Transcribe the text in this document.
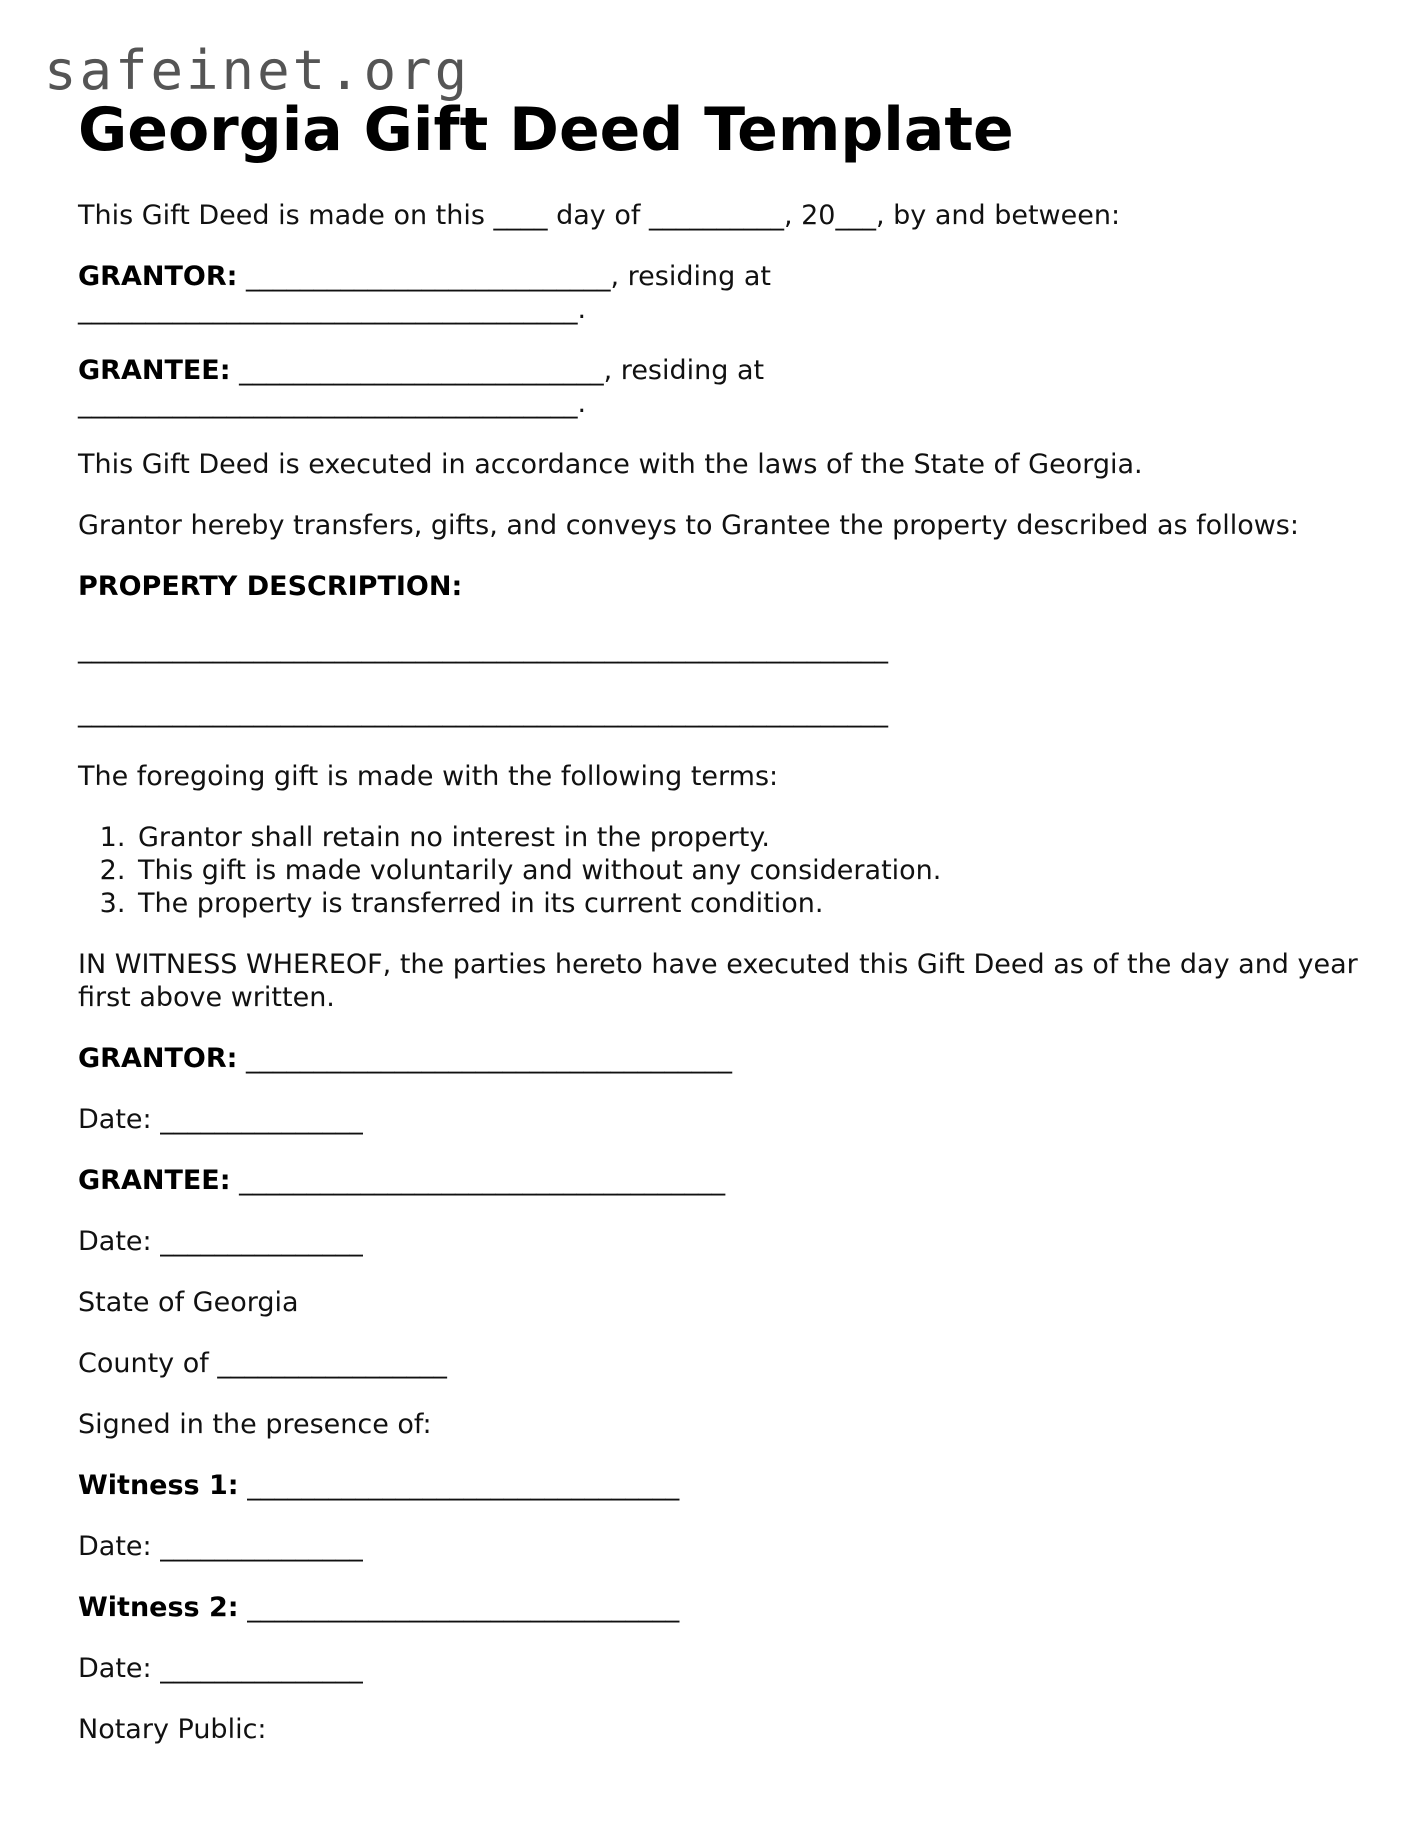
safeinet.org
Georgia Gift Deed Template
This Gift Deed is made on this ____ day of __________, 20___, by and between:
GRANTOR: ___________________________, residing at
_____________________________________.
GRANTEE: ___________________________, residing at
_____________________________________.
This Gift Deed is executed in accordance with the laws of the State of Georgia.
Grantor hereby transfers, gifts, and conveys to Grantee the property described as follows:
PROPERTY DESCRIPTION:
____________________________________________________________
____________________________________________________________
The foregoing gift is made with the following terms:
1. Grantor shall retain no interest in the property.
2. This gift is made voluntarily and without any consideration.
3. The property is transferred in its current condition.
IN WITNESS WHEREOF, the parties hereto have executed this Gift Deed as of the day and year first above written.
GRANTOR: ____________________________________
Date: _______________
GRANTEE: ____________________________________
Date: _______________
State of Georgia
County of _________________
Signed in the presence of:
Witness 1: ________________________________
Date: _______________
Witness 2: ________________________________
Date: _______________
Notary Public:
